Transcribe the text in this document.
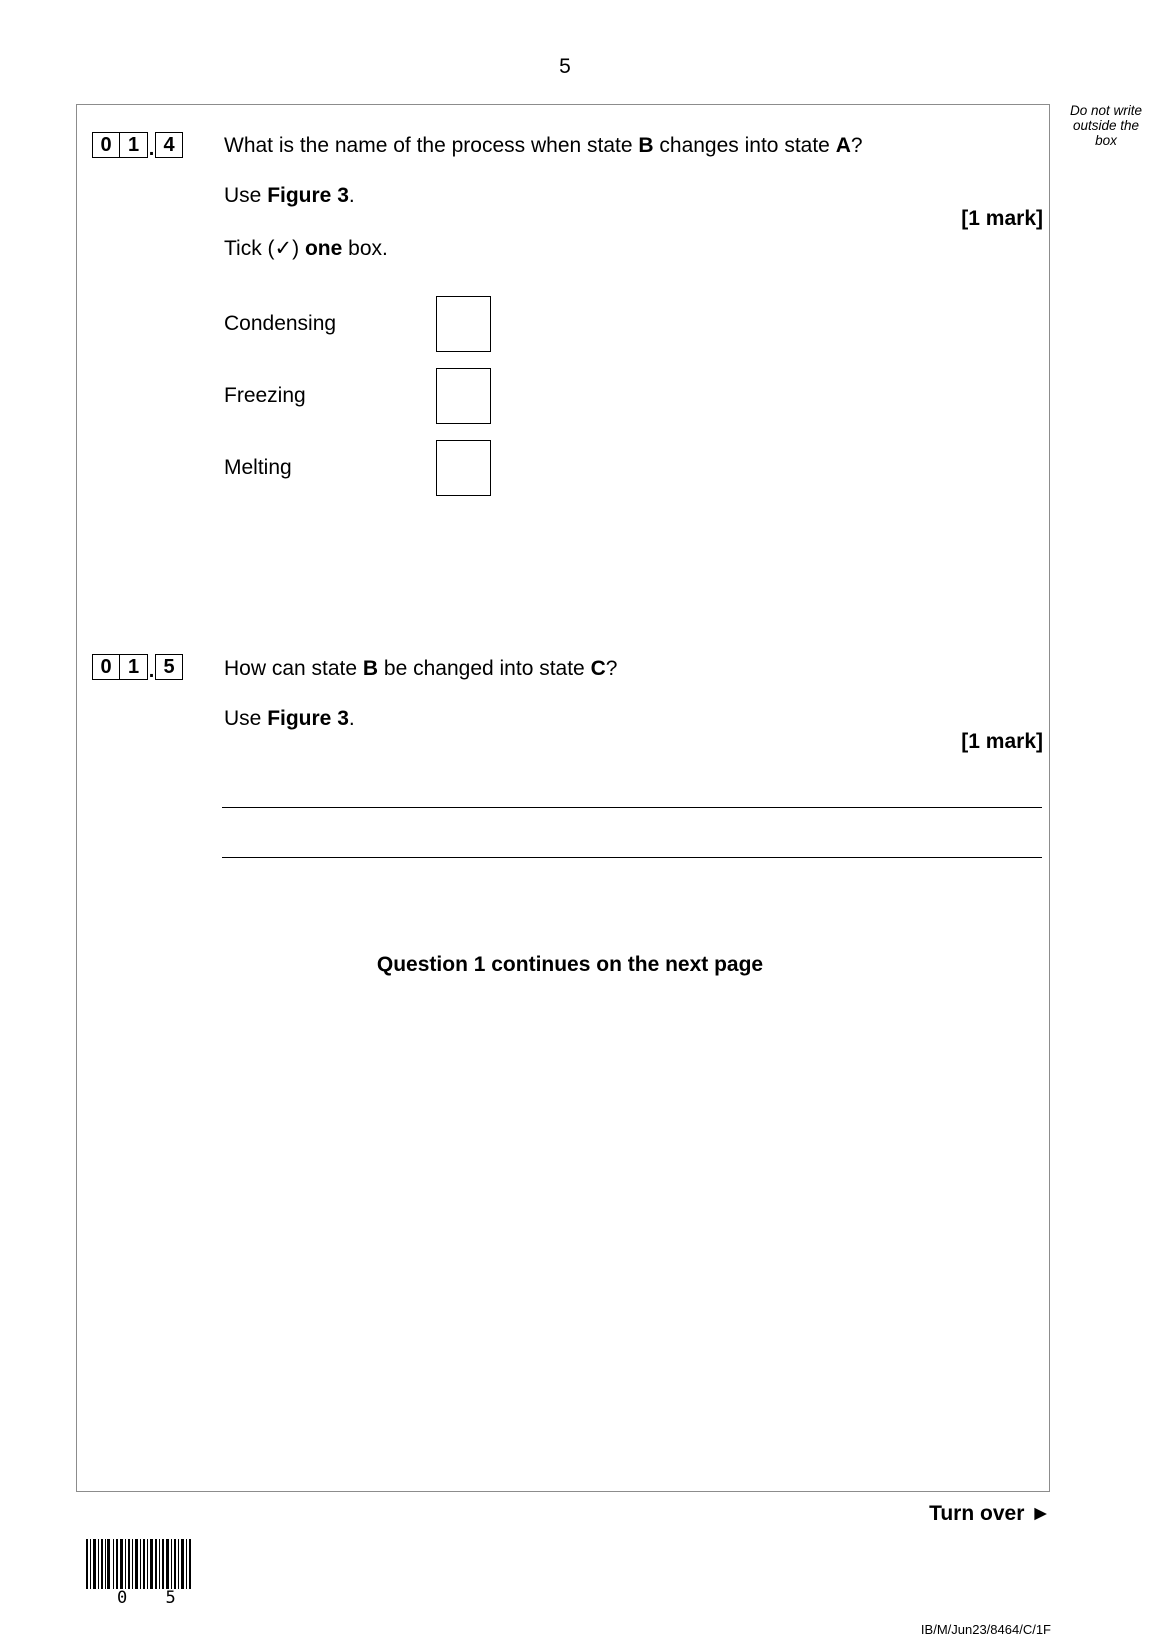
5
Do not write
outside the
box
0 1 . 4	What is the name of the process when state B changes into state A?
Use Figure 3.
[1 mark]
Tick (✓) one box.
Condensing
Freezing
Melting
0 1 . 5	How can state B be changed into state C?
Use Figure 3.
[1 mark]
Question 1 continues on the next page
Turn over ►
0 5
IB/M/Jun23/8464/C/1F
